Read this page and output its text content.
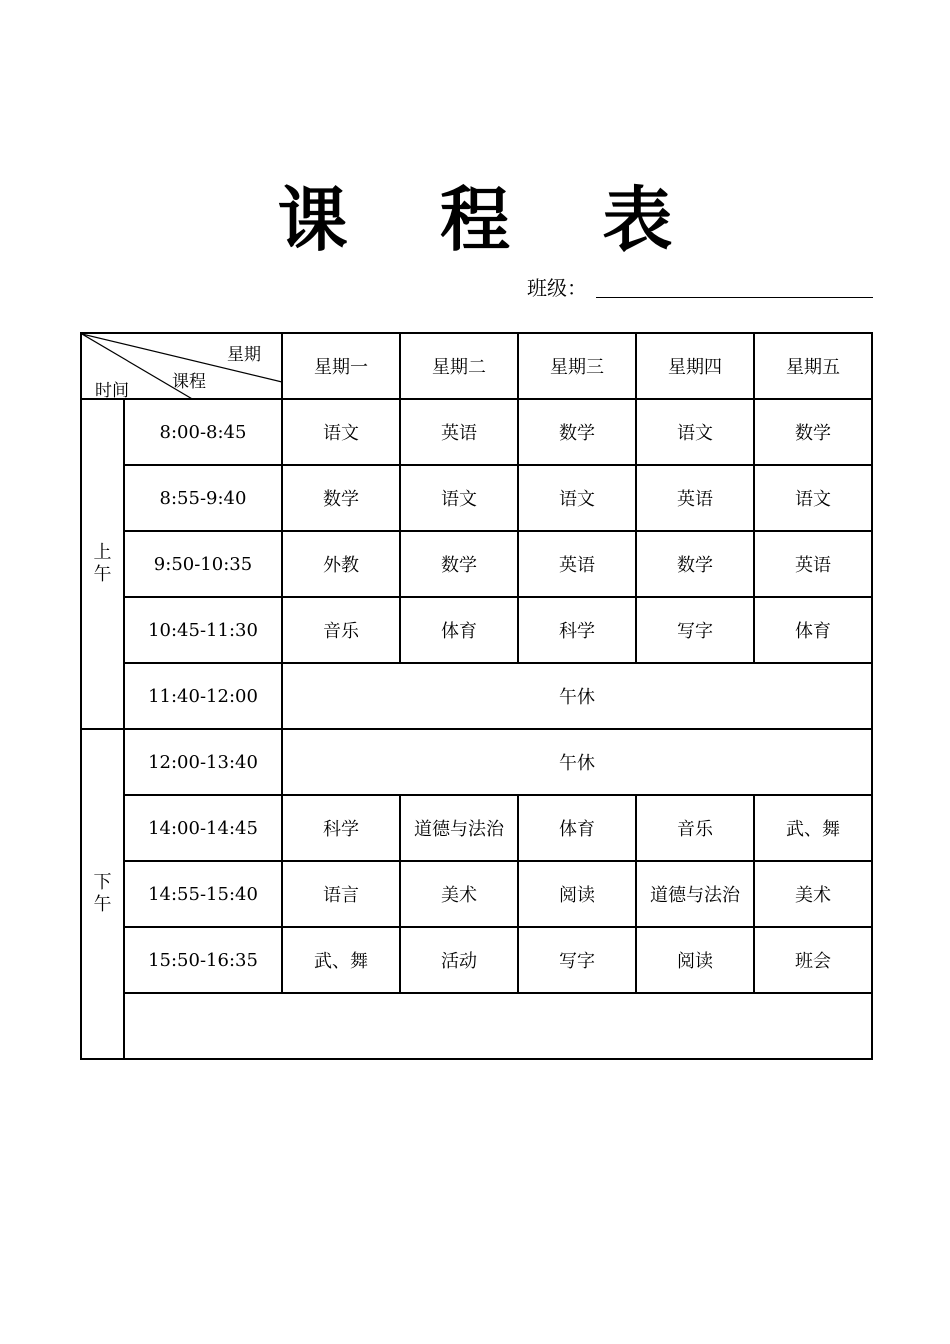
课 程 表
班级：
星期
课程
时间		星期一	星期二	星期三	星期四	星期五
上午	8:00-8:45	语文	英语	数学	语文	数学
	8:55-9:40	数学	语文	语文	英语	语文
	9:50-10:35	外教	数学	英语	数学	英语
	10:45-11:30	音乐	体育	科学	写字	体育
	11:40-12:00	午休				
下午	12:00-13:40	午休				
	14:00-14:45	科学	道德与法治	体育	音乐	武、舞
	14:55-15:40	语言	美术	阅读	道德与法治	美术
	15:50-16:35	武、舞	活动	写字	阅读	班会
